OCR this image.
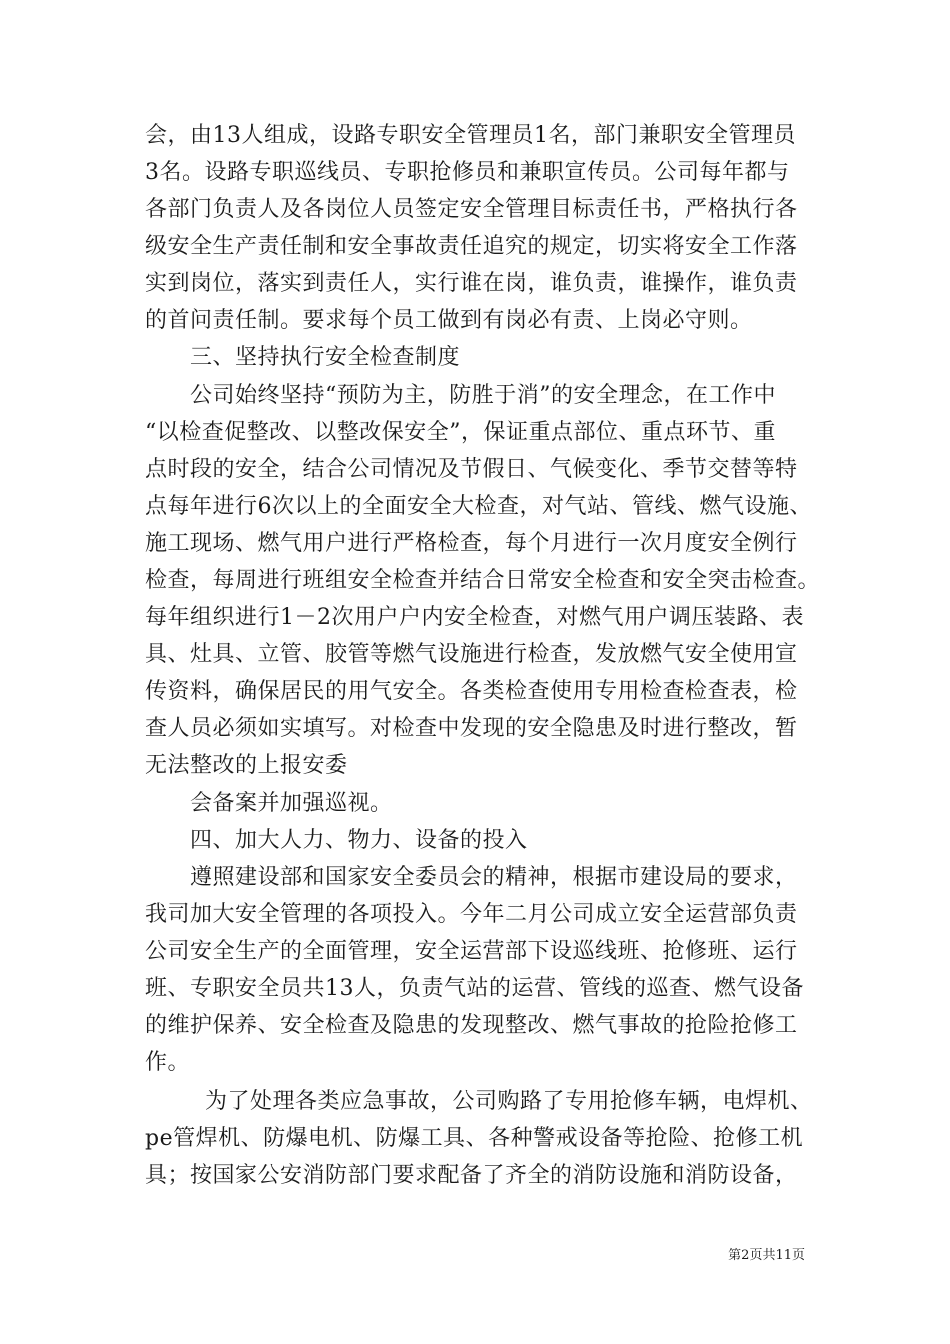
会，由13人组成，设路专职安全管理员1名，部门兼职安全管理员
3名。设路专职巡线员、专职抢修员和兼职宣传员。公司每年都与
各部门负责人及各岗位人员签定安全管理目标责任书，严格执行各
级安全生产责任制和安全事故责任追究的规定，切实将安全工作落
实到岗位，落实到责任人，实行谁在岗，谁负责，谁操作，谁负责
的首问责任制。要求每个员工做到有岗必有责、上岗必守则。
三、坚持执行安全检查制度
公司始终坚持“预防为主，防胜于消”的安全理念，在工作中
“以检查促整改、以整改保安全”，保证重点部位、重点环节、重
点时段的安全，结合公司情况及节假日、气候变化、季节交替等特
点每年进行6次以上的全面安全大检查，对气站、管线、燃气设施、
施工现场、燃气用户进行严格检查，每个月进行一次月度安全例行
检查，每周进行班组安全检查并结合日常安全检查和安全突击检查。
每年组织进行1－2次用户户内安全检查，对燃气用户调压装路、表
具、灶具、立管、胶管等燃气设施进行检查，发放燃气安全使用宣
传资料，确保居民的用气安全。各类检查使用专用检查检查表，检
查人员必须如实填写。对检查中发现的安全隐患及时进行整改，暂
无法整改的上报安委
会备案并加强巡视。
四、加大人力、物力、设备的投入
遵照建设部和国家安全委员会的精神，根据市建设局的要求，
我司加大安全管理的各项投入。今年二月公司成立安全运营部负责
公司安全生产的全面管理，安全运营部下设巡线班、抢修班、运行
班、专职安全员共13人，负责气站的运营、管线的巡查、燃气设备
的维护保养、安全检查及隐患的发现整改、燃气事故的抢险抢修工
作。
为了处理各类应急事故，公司购路了专用抢修车辆，电焊机、
pe管焊机、防爆电机、防爆工具、各种警戒设备等抢险、抢修工机
具；按国家公安消防部门要求配备了齐全的消防设施和消防设备，
第2页共11页
